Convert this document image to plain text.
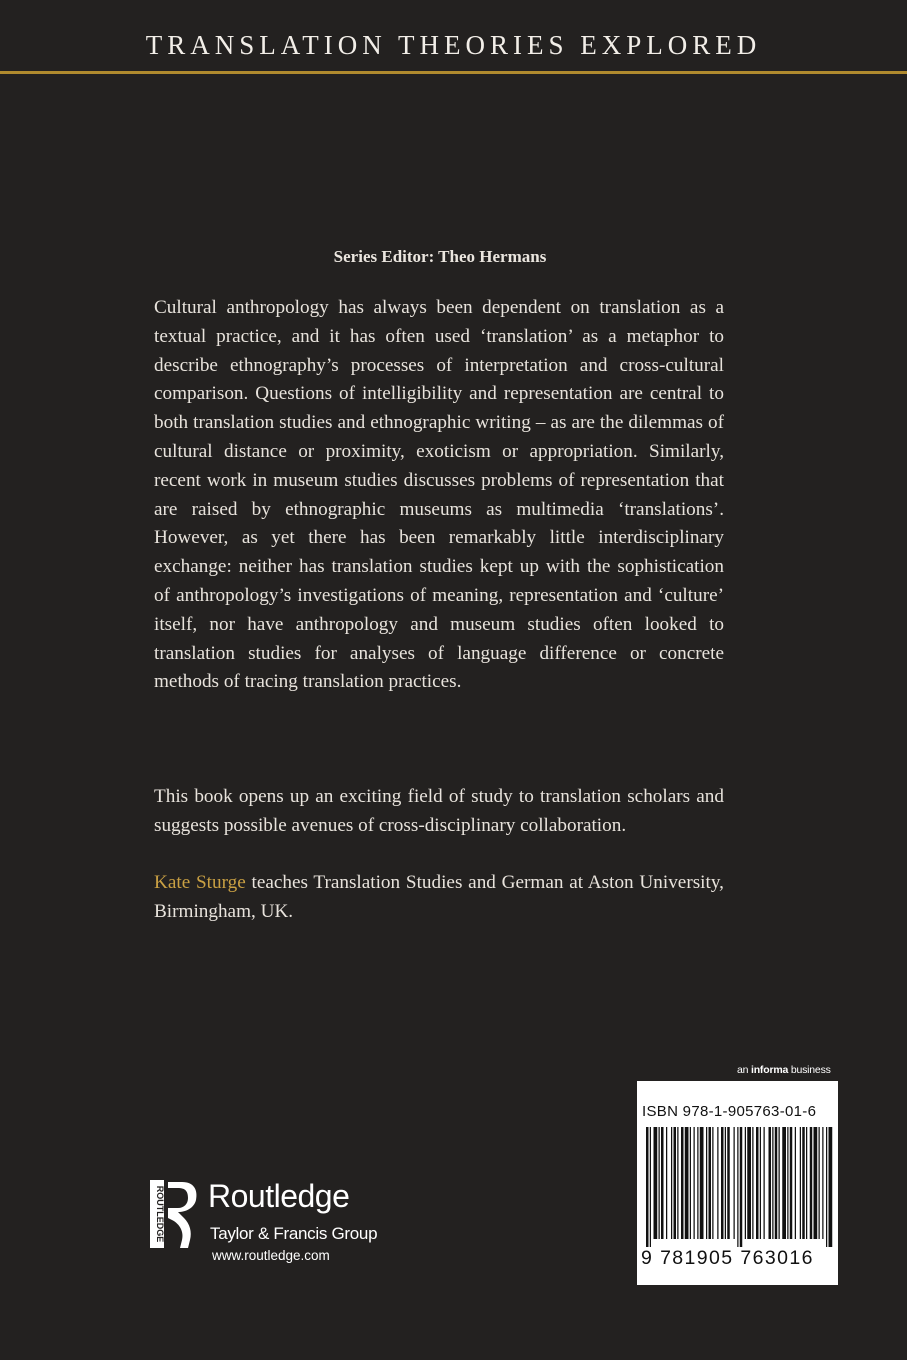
TRANSLATION THEORIES EXPLORED
Series Editor: Theo Hermans
Cultural anthropology has always been dependent on translation as a textual practice, and it has often used ‘translation’ as a metaphor to describe ethnography’s processes of interpretation and cross-cultural comparison. Questions of intelligibility and representation are central to both translation studies and ethnographic writing – as are the dilemmas of cultural distance or proximity, exoticism or appropriation. Similarly, recent work in museum studies discusses problems of representation that are raised by ethnographic museums as multimedia ‘translations’. However, as yet there has been remarkably little interdisciplinary exchange: neither has translation studies kept up with the sophistication of anthropology’s investigations of meaning, representation and ‘culture’ itself, nor have anthropology and museum studies often looked to translation studies for analyses of language difference or concrete methods of tracing translation practices.
This book opens up an exciting field of study to translation scholars and suggests possible avenues of cross-disciplinary collaboration.
Kate Sturge teaches Translation Studies and German at Aston University, Birmingham, UK.
an informa business
ISBN 978-1-905763-01-6
9 781905 763016
ROUTLEDGE Routledge
Taylor & Francis Group
www.routledge.com
